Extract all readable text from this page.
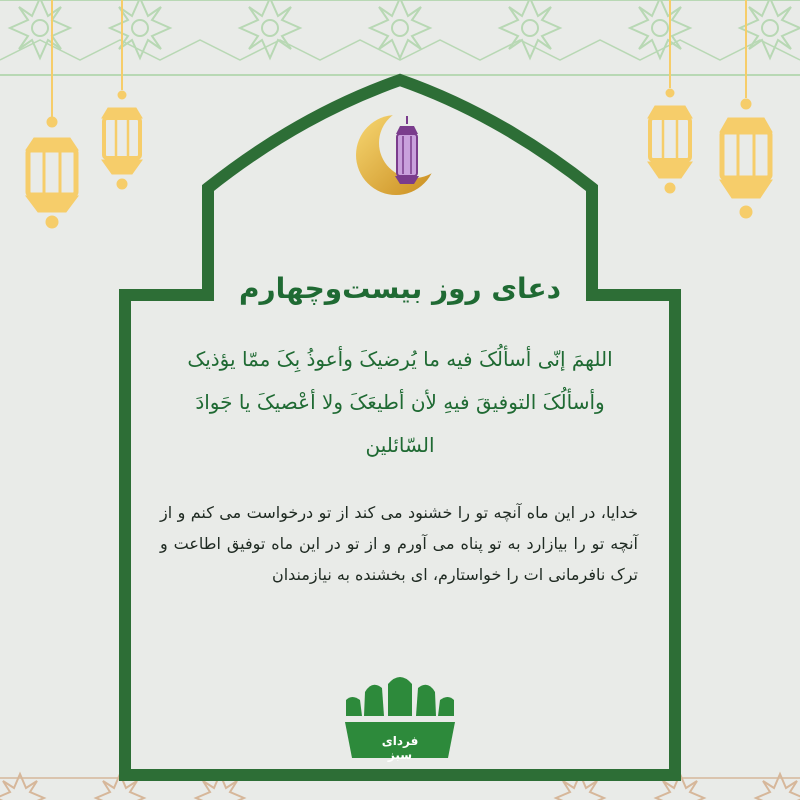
دعای روز بیست‌وچهارم
اللهمَ إنّی أسألُکَ فیه ما یُرضیکَ وأعوذُ بِکَ ممّا یؤذیک وأسألُکَ التوفیقَ فیهِ لأن أطیعَکَ ولا أعْصیکَ یا جَوادَ السّائلین
خدایا، در این ماه آنچه تو را خشنود می کند از تو درخواست می کنم و از آنچه تو را بیازارد به تو پناه می آورم و از تو در این ماه توفیق اطاعت و ترک نافرمانی ات را خواستارم، ای بخشنده به نیازمندان
فردای سبز
